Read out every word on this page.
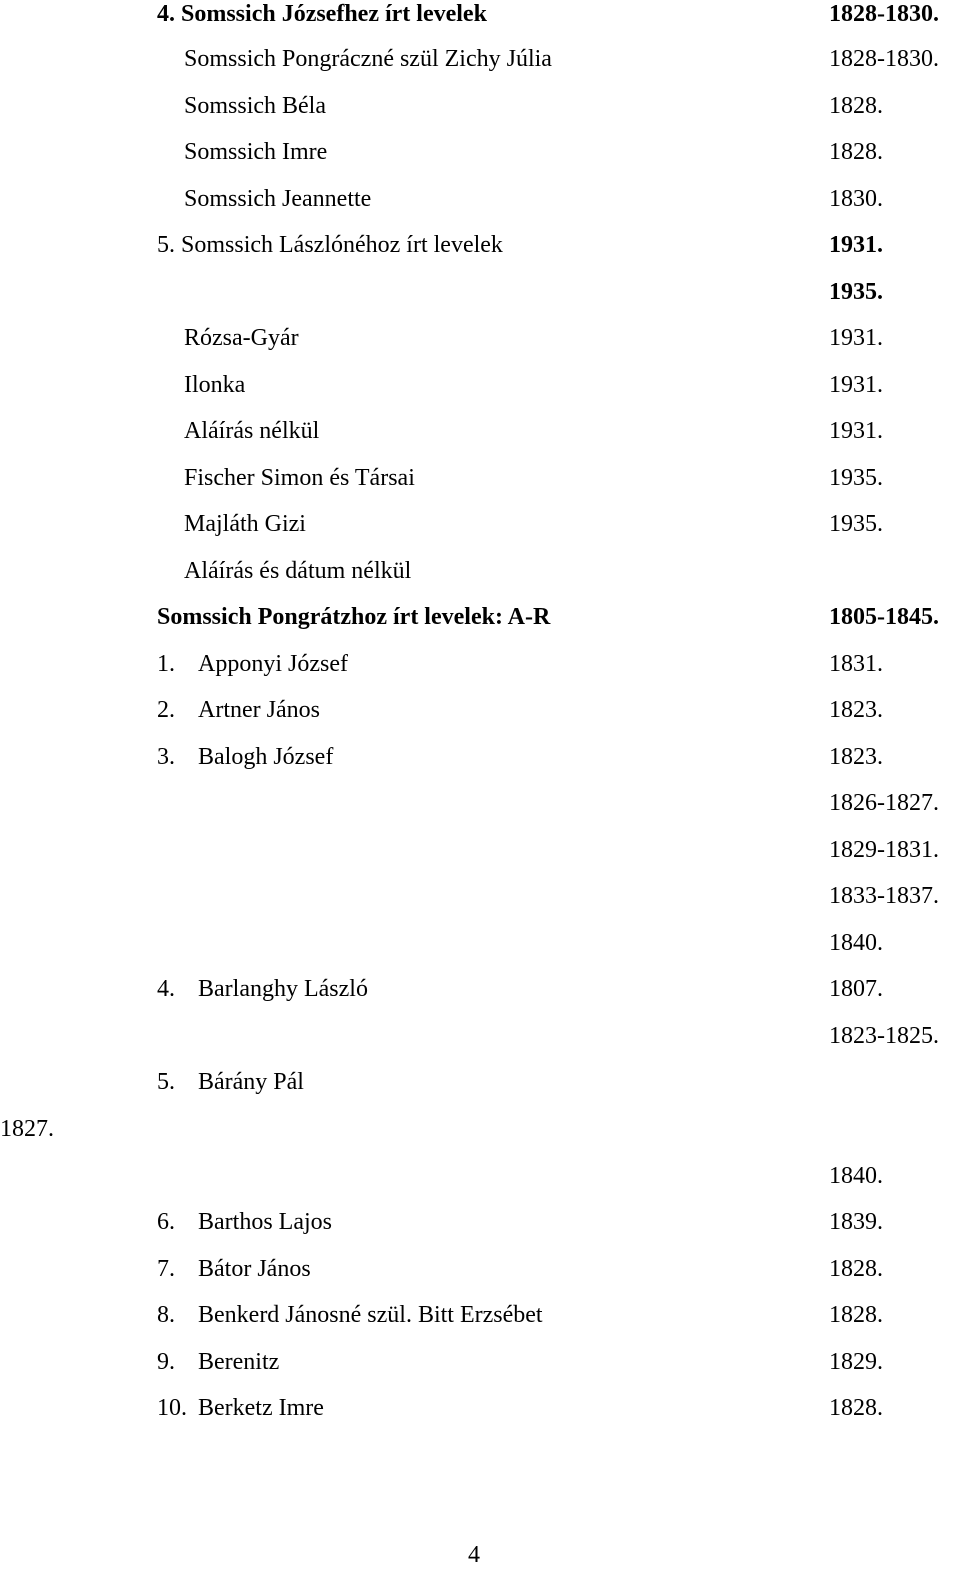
4. Somssich Józsefhez írt levelek	1828-1830.
Somssich Pongráczné szül Zichy Júlia	1828-1830.
Somssich Béla	1828.
Somssich Imre	1828.
Somssich Jeannette	1830.
5. Somssich Lászlónéhoz írt levelek	1931.
1935.
Rózsa-Gyár	1931.
Ilonka	1931.
Aláírás nélkül	1931.
Fischer Simon és Társai	1935.
Majláth Gizi	1935.
Aláírás és dátum nélkül
Somssich Pongrátzhoz írt levelek: A-R	1805-1845.
1. Apponyi József	1831.
2. Artner János	1823.
3. Balogh József	1823.
1826-1827.
1829-1831.
1833-1837.
1840.
4. Barlanghy László	1807.
1823-1825.
5. Bárány Pál
1827.
1840.
6. Barthos Lajos	1839.
7. Bátor János	1828.
8. Benkerd Jánosné szül. Bitt Erzsébet	1828.
9. Berenitz	1829.
10. Berketz Imre	1828.
4
